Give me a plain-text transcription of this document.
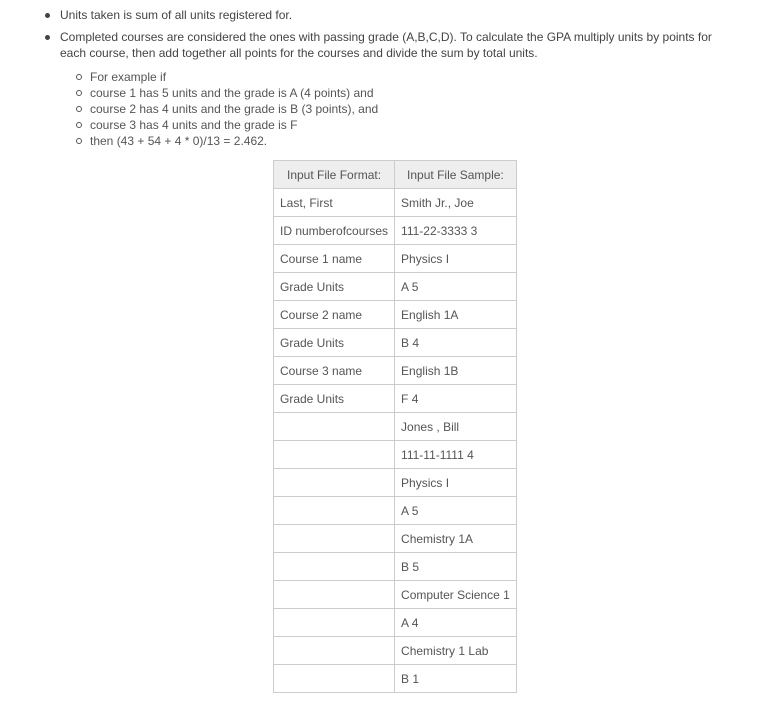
Units taken is sum of all units registered for.
Completed courses are considered the ones with passing grade (A,B,C,D). To calculate the GPA multiply units by points for each course, then add together all points for the courses and divide the sum by total units.
For example if
course 1 has 5 units and the grade is A (4 points) and
course 2 has 4 units and the grade is B (3 points), and
course 3 has 4 units and the grade is F
then (43 + 54 + 4 * 0)/13 = 2.462.
Input File Format:	Input File Sample:
Last, First	Smith Jr., Joe
ID numberofcourses	111-22-3333 3
Course 1 name	Physics I
Grade Units	A 5
Course 2 name	English 1A
Grade Units	B 4
Course 3 name	English 1B
Grade Units	F 4
	Jones , Bill
	111-11-1111 4
	Physics I
	A 5
	Chemistry 1A
	B 5
	Computer Science 1
	A 4
	Chemistry 1 Lab
	B 1
